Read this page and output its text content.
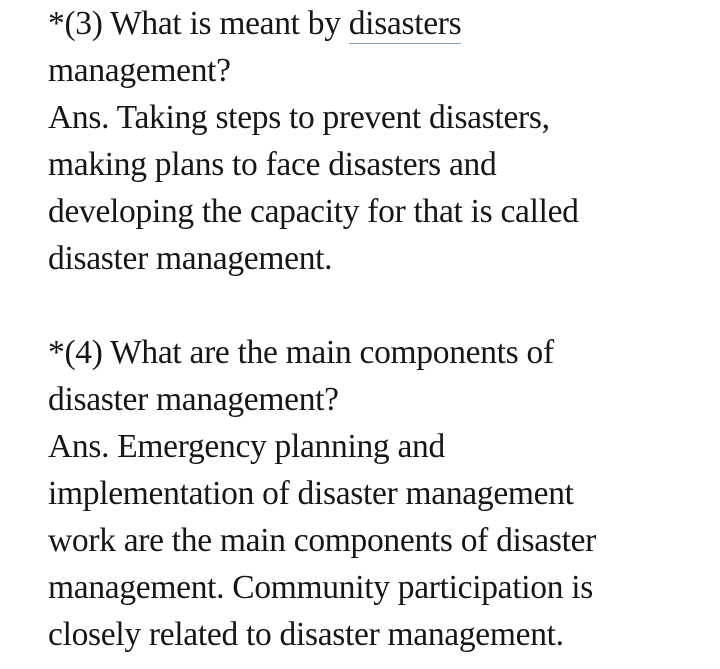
*(3) What is meant by disasters
management?

Ans. Taking steps to prevent disasters,
making plans to face disasters and
developing the capacity for that is called
disaster management.

*(4) What are the main components of
disaster management?

Ans. Emergency planning and
implementation of disaster management
work are the main components of disaster
management. Community participation is
closely related to disaster management.
